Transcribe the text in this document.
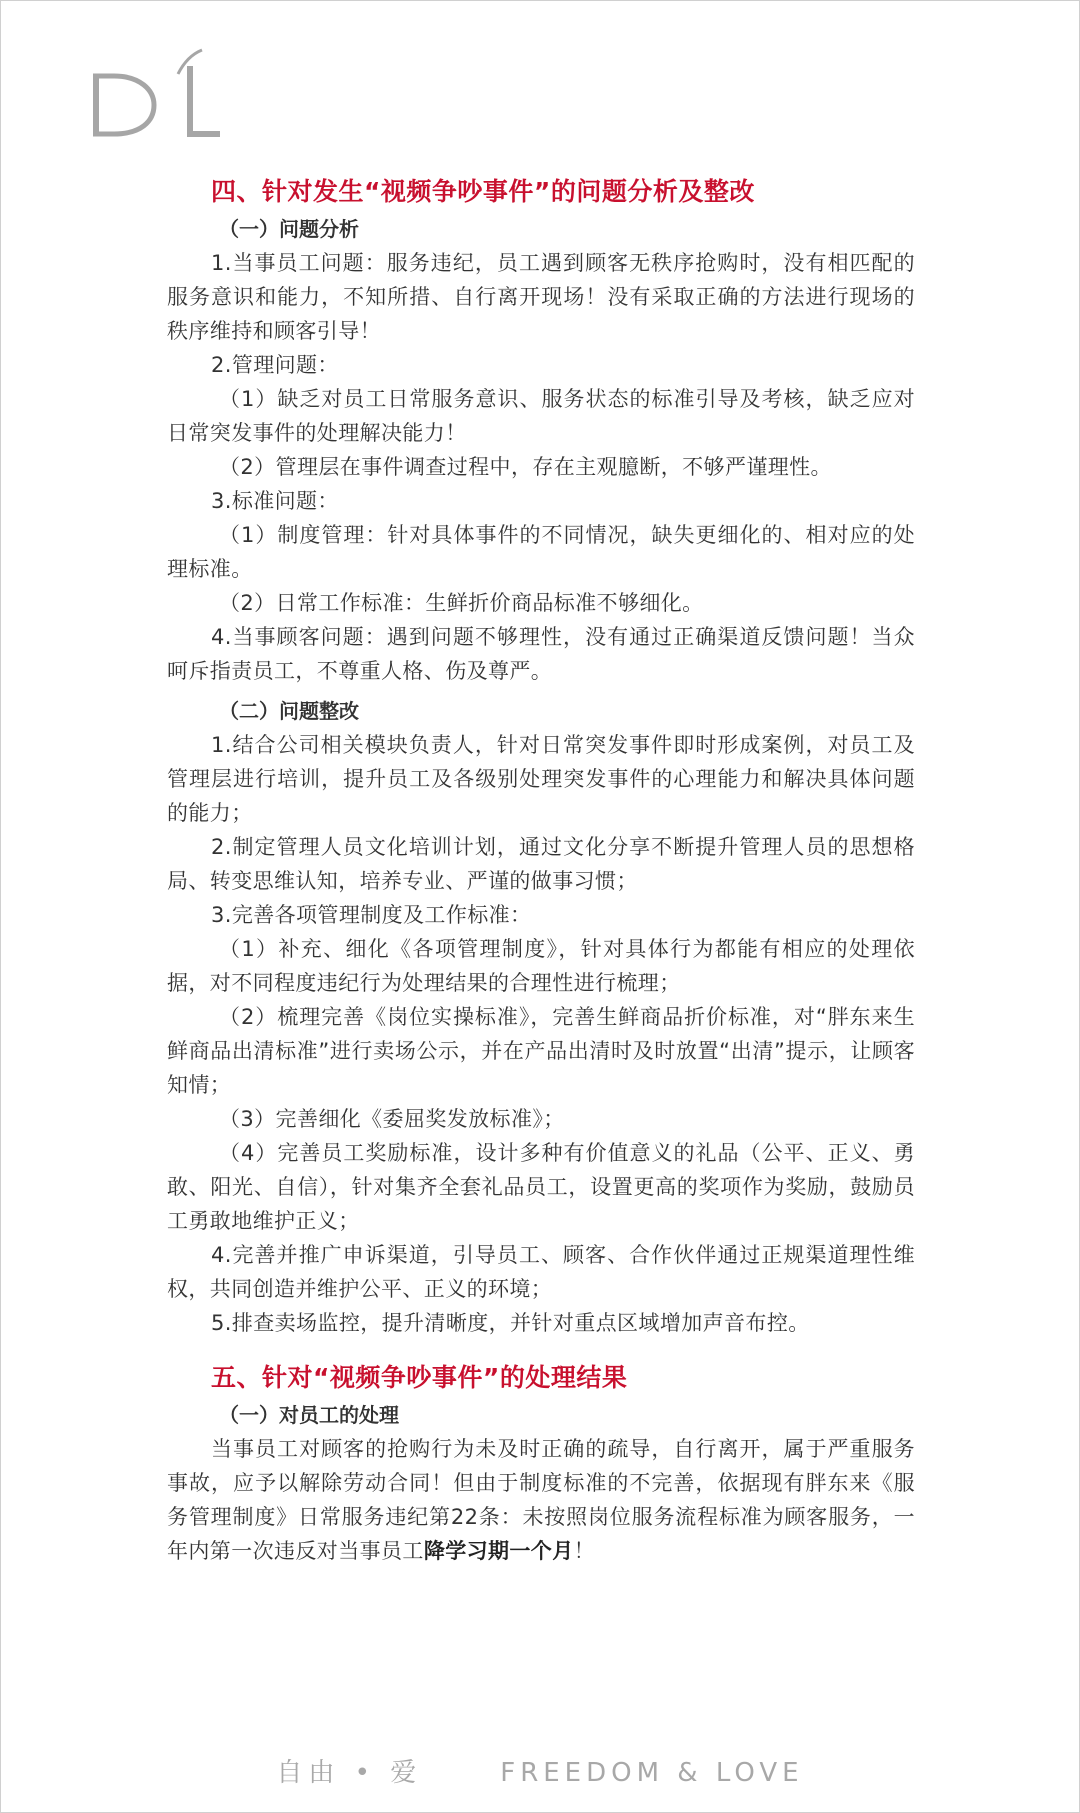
四、针对发生“视频争吵事件”的问题分析及整改
（一）问题分析

1.当事员工问题：服务违纪，员工遇到顾客无秩序抢购时，没有相匹配的服务意识和能力，不知所措、自行离开现场！没有采取正确的方法进行现场的秩序维持和顾客引导！

2.管理问题：

（1）缺乏对员工日常服务意识、服务状态的标准引导及考核，缺乏应对日常突发事件的处理解决能力！

（2）管理层在事件调查过程中，存在主观臆断，不够严谨理性。

3.标准问题：

（1）制度管理：针对具体事件的不同情况，缺失更细化的、相对应的处理标准。

（2）日常工作标准：生鲜折价商品标准不够细化。

4.当事顾客问题：遇到问题不够理性，没有通过正确渠道反馈问题！当众呵斥指责员工，不尊重人格、伤及尊严。

（二）问题整改

1.结合公司相关模块负责人，针对日常突发事件即时形成案例，对员工及管理层进行培训，提升员工及各级别处理突发事件的心理能力和解决具体问题的能力；

2.制定管理人员文化培训计划，通过文化分享不断提升管理人员的思想格局、转变思维认知，培养专业、严谨的做事习惯；

3.完善各项管理制度及工作标准：

（1）补充、细化《各项管理制度》，针对具体行为都能有相应的处理依据，对不同程度违纪行为处理结果的合理性进行梳理；

（2）梳理完善《岗位实操标准》，完善生鲜商品折价标准，对“胖东来生鲜商品出清标准”进行卖场公示，并在产品出清时及时放置“出清”提示，让顾客知情；

（3）完善细化《委屈奖发放标准》；

（4）完善员工奖励标准，设计多种有价值意义的礼品（公平、正义、勇敢、阳光、自信），针对集齐全套礼品员工，设置更高的奖项作为奖励，鼓励员工勇敢地维护正义；

4.完善并推广申诉渠道，引导员工、顾客、合作伙伴通过正规渠道理性维权，共同创造并维护公平、正义的环境；

5.排查卖场监控，提升清晰度，并针对重点区域增加声音布控。

五、针对“视频争吵事件”的处理结果
（一）对员工的处理

当事员工对顾客的抢购行为未及时正确的疏导，自行离开，属于严重服务事故，应予以解除劳动合同！但由于制度标准的不完善，依据现有胖东来《服务管理制度》日常服务违纪第22条：未按照岗位服务流程标准为顾客服务，一年内第一次违反对当事员工降学习期一个月！

自由 • 爱	FREEDOM & LOVE
